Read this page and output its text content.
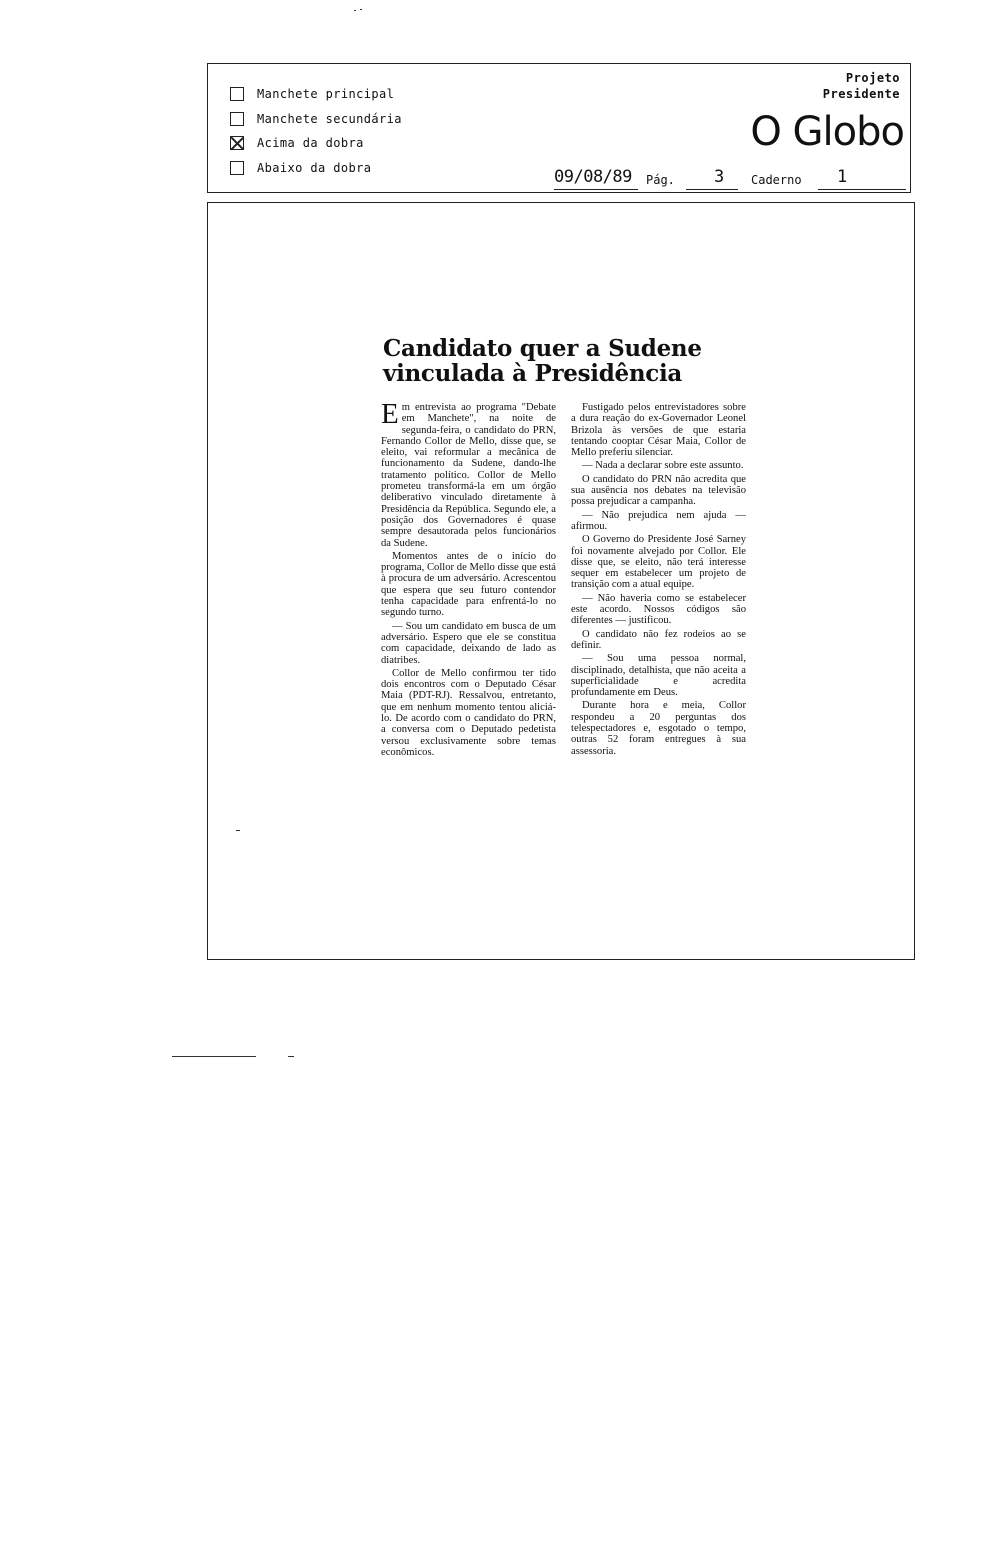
Manchete principal
Manchete secundária
Acima da dobra
Abaixo da dobra
Projeto
Presidente
O Globo
09/08/89 Pág. 3 Caderno 1
Candidato quer a Sudene
vinculada à Presidência

Em entrevista ao programa "Debate em Manchete", na noite de segunda-feira, o candidato do PRN, Fernando Collor de Mello, disse que, se eleito, vai reformular a mecânica de funcionamento da Sudene, dando-lhe tratamento político. Collor de Mello prometeu transformá-la em um órgão deliberativo vinculado diretamente à Presidência da República. Segundo ele, a posição dos Governadores é quase sempre desautorada pelos funcionários da Sudene.

Momentos antes de o início do programa, Collor de Mello disse que está à procura de um adversário. Acrescentou que espera que seu futuro contendor tenha capacidade para enfrentá-lo no segundo turno.

— Sou um candidato em busca de um adversário. Espero que ele se constitua com capacidade, deixando de lado as diatribes.

Collor de Mello confirmou ter tido dois encontros com o Deputado César Maia (PDT-RJ). Ressalvou, entretanto, que em nenhum momento tentou aliciá-lo. De acordo com o candidato do PRN, a conversa com o Deputado pedetista versou exclusivamente sobre temas econômicos.

Fustigado pelos entrevistadores sobre a dura reação do ex-Governador Leonel Brizola às versões de que estaria tentando cooptar César Maia, Collor de Mello preferiu silenciar.

— Nada a declarar sobre este assunto.

O candidato do PRN não acredita que sua ausência nos debates na televisão possa prejudicar a campanha.

— Não prejudica nem ajuda — afirmou.

O Governo do Presidente José Sarney foi novamente alvejado por Collor. Ele disse que, se eleito, não terá interesse sequer em estabelecer um projeto de transição com a atual equipe.

— Não haveria como se estabelecer este acordo. Nossos códigos são diferentes — justificou.

O candidato não fez rodeios ao se definir.

— Sou uma pessoa normal, disciplinado, detalhista, que não aceita a superficialidade e acredita profundamente em Deus.

Durante hora e meia, Collor respondeu a 20 perguntas dos telespectadores e, esgotado o tempo, outras 52 foram entregues à sua assessoria.
